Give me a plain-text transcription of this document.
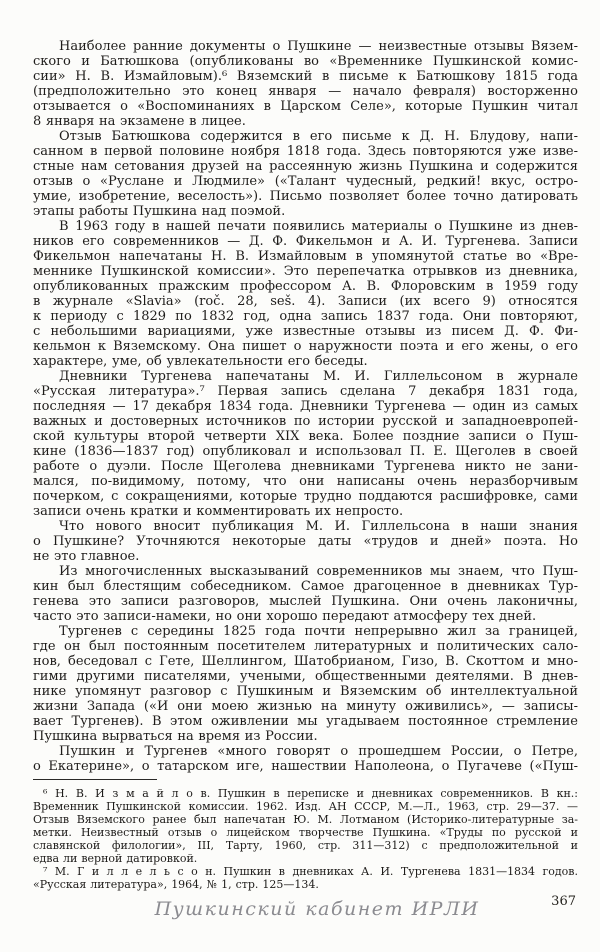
Наиболее ранние документы о Пушкине — неизвестные отзывы Вязем-
ского и Батюшкова (опубликованы во «Временнике Пушкинской комис-
сии» Н. В. Измайловым).⁶ Вяземский в письме к Батюшкову 1815 года
(предположительно это конец января — начало февраля) восторженно
отзывается о «Воспоминаниях в Царском Селе», которые Пушкин читал
8 января на экзамене в лицее.
Отзыв Батюшкова содержится в его письме к Д. Н. Блудову, напи-
санном в первой половине ноября 1818 года. Здесь повторяются уже изве-
стные нам сетования друзей на рассеянную жизнь Пушкина и содержится
отзыв о «Руслане и Людмиле» («Талант чудесный, редкий! вкус, остро-
умие, изобретение, веселость»). Письмо позволяет более точно датировать
этапы работы Пушкина над поэмой.
В 1963 году в нашей печати появились материалы о Пушкине из днев-
ников его современников — Д. Ф. Фикельмон и А. И. Тургенева. Записи
Фикельмон напечатаны Н. В. Измайловым в упомянутой статье во «Вре-
меннике Пушкинской комиссии». Это перепечатка отрывков из дневника,
опубликованных пражским профессором А. В. Флоровским в 1959 году
в журнале «Slavia» (roč. 28, seš. 4). Записи (их всего 9) относятся
к периоду с 1829 по 1832 год, одна запись 1837 года. Они повторяют,
с небольшими вариациями, уже известные отзывы из писем Д. Ф. Фи-
кельмон к Вяземскому. Она пишет о наружности поэта и его жены, о его
характере, уме, об увлекательности его беседы.
Дневники Тургенева напечатаны М. И. Гиллельсоном в журнале
«Русская литература».⁷ Первая запись сделана 7 декабря 1831 года,
последняя — 17 декабря 1834 года. Дневники Тургенева — один из самых
важных и достоверных источников по истории русской и западноевропей-
ской культуры второй четверти XIX века. Более поздние записи о Пуш-
кине (1836—1837 год) опубликовал и использовал П. Е. Щеголев в своей
работе о дуэли. После Щеголева дневниками Тургенева никто не зани-
мался, по-видимому, потому, что они написаны очень неразборчивым
почерком, с сокращениями, которые трудно поддаются расшифровке, сами
записи очень кратки и комментировать их непросто.
Что нового вносит публикация М. И. Гиллельсона в наши знания
о Пушкине? Уточняются некоторые даты «трудов и дней» поэта. Но
не это главное.
Из многочисленных высказываний современников мы знаем, что Пуш-
кин был блестящим собеседником. Самое драгоценное в дневниках Тур-
генева это записи разговоров, мыслей Пушкина. Они очень лаконичны,
часто это записи-намеки, но они хорошо передают атмосферу тех дней.
Тургенев с середины 1825 года почти непрерывно жил за границей,
где он был постоянным посетителем литературных и политических сало-
нов, беседовал с Гете, Шеллингом, Шатобрианом, Гизо, В. Скоттом и мно-
гими другими писателями, учеными, общественными деятелями. В днев-
нике упомянут разговор с Пушкиным и Вяземским об интеллектуальной
жизни Запада («И они моею жизнью на минуту оживились», — записы-
вает Тургенев). В этом оживлении мы угадываем постоянное стремление
Пушкина вырваться на время из России.
Пушкин и Тургенев «много говорят о прошедшем России, о Петре,
о Екатерине», о татарском иге, нашествии Наполеона, о Пугачеве («Пуш-
⁶ Н. В. И з м а й л о в. Пушкин в переписке и дневниках современников. В кн.:
Временник Пушкинской комиссии. 1962. Изд. АН СССР, М.—Л., 1963, стр. 29—37. —
Отзыв Вяземского ранее был напечатан Ю. М. Лотманом (Историко-литературные за-
метки. Неизвестный отзыв о лицейском творчестве Пушкина. «Труды по русской и
славянской филологии», III, Тарту, 1960, стр. 311—312) с предположительной и
едва ли верной датировкой.
⁷ М. Г и л л е л ь с о н. Пушкин в дневниках А. И. Тургенева 1831—1834 годов.
«Русская литература», 1964, № 1, стр. 125—134.
Пушкинский кабинет ИРЛИ	367
